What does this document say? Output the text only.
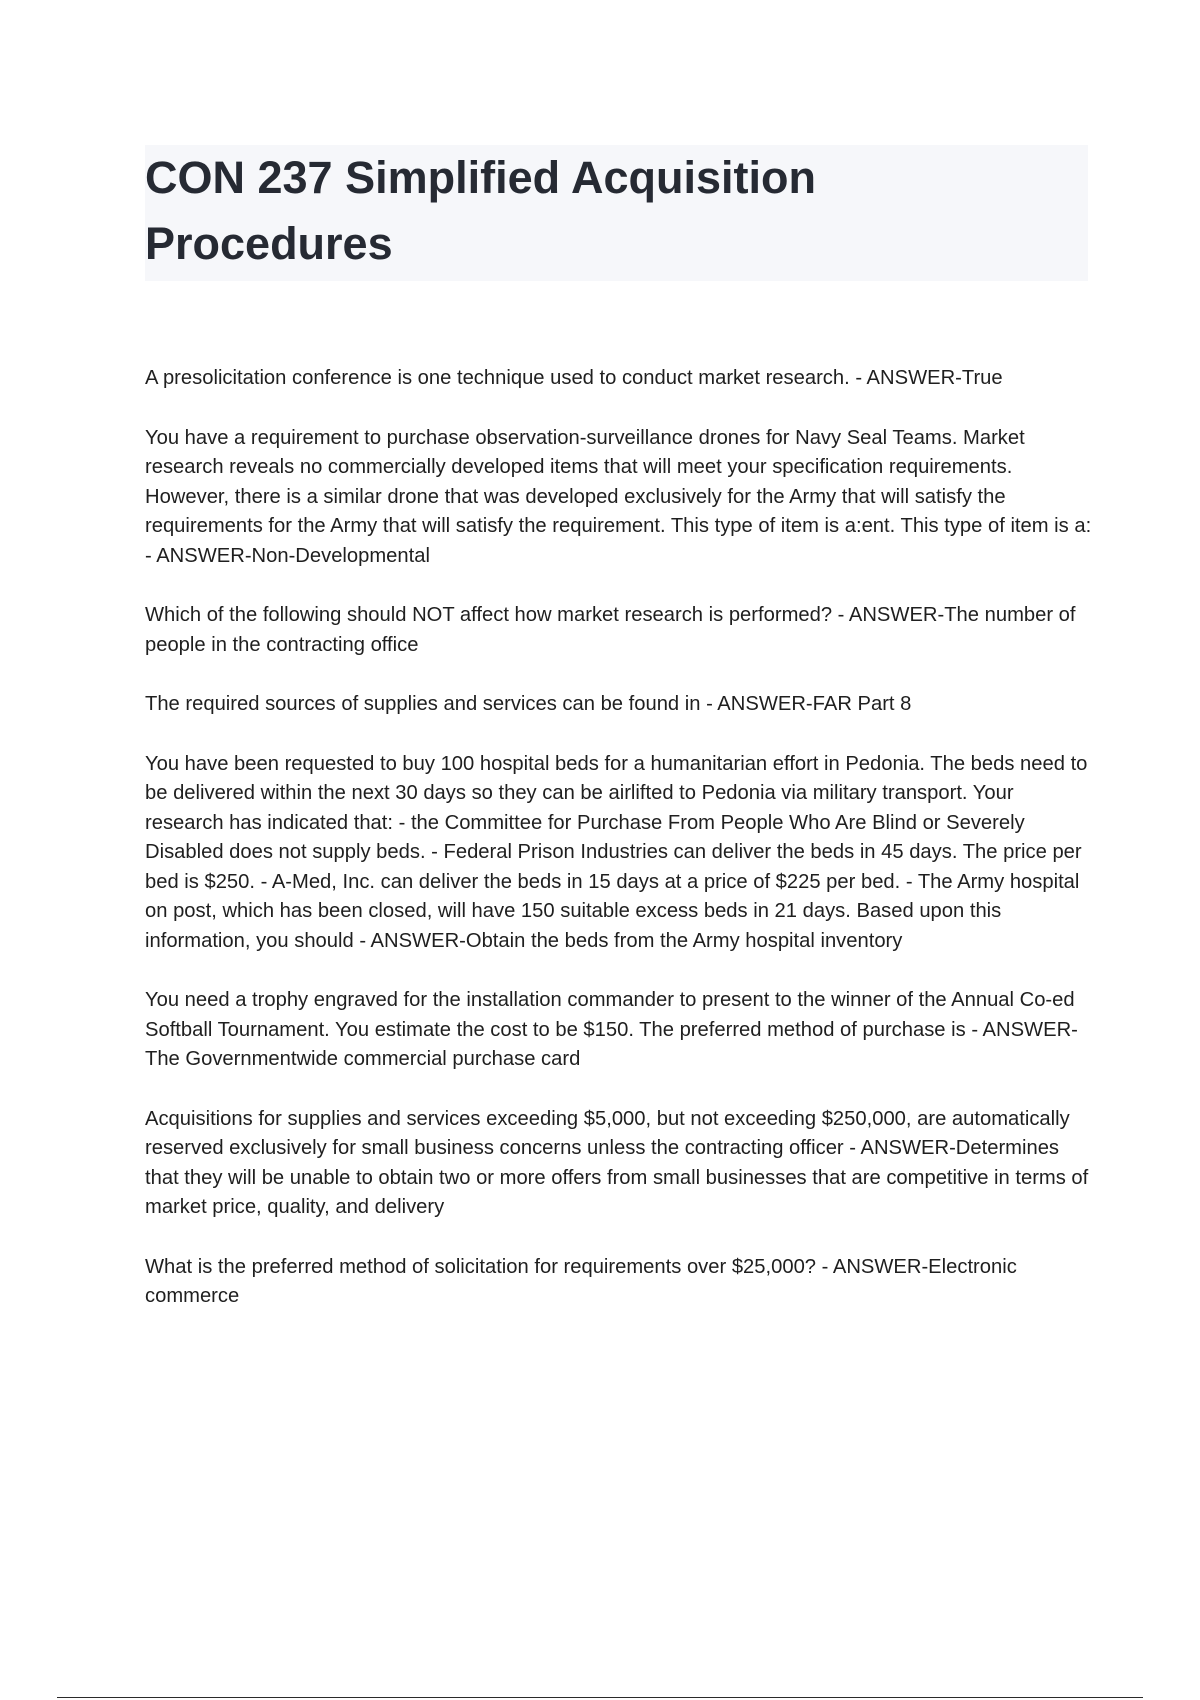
CON 237 Simplified Acquisition Procedures

A presolicitation conference is one technique used to conduct market research. - ANSWER-True

You have a requirement to purchase observation-surveillance drones for Navy Seal Teams. Market research reveals no commercially developed items that will meet your specification requirements. However, there is a similar drone that was developed exclusively for the Army that will satisfy the requirements for the Army that will satisfy the requirement. This type of item is a:ent. This type of item is a: - ANSWER-Non-Developmental

Which of the following should NOT affect how market research is performed? - ANSWER-The number of people in the contracting office

The required sources of supplies and services can be found in - ANSWER-FAR Part 8

You have been requested to buy 100 hospital beds for a humanitarian effort in Pedonia. The beds need to be delivered within the next 30 days so they can be airlifted to Pedonia via military transport. Your research has indicated that: - the Committee for Purchase From People Who Are Blind or Severely Disabled does not supply beds. - Federal Prison Industries can deliver the beds in 45 days. The price per bed is $250. - A-Med, Inc. can deliver the beds in 15 days at a price of $225 per bed. - The Army hospital on post, which has been closed, will have 150 suitable excess beds in 21 days. Based upon this information, you should - ANSWER-Obtain the beds from the Army hospital inventory

You need a trophy engraved for the installation commander to present to the winner of the Annual Co-ed Softball Tournament. You estimate the cost to be $150. The preferred method of purchase is - ANSWER-The Governmentwide commercial purchase card

Acquisitions for supplies and services exceeding $5,000, but not exceeding $250,000, are automatically reserved exclusively for small business concerns unless the contracting officer - ANSWER-Determines that they will be unable to obtain two or more offers from small businesses that are competitive in terms of market price, quality, and delivery

What is the preferred method of solicitation for requirements over $25,000? - ANSWER-Electronic commerce
